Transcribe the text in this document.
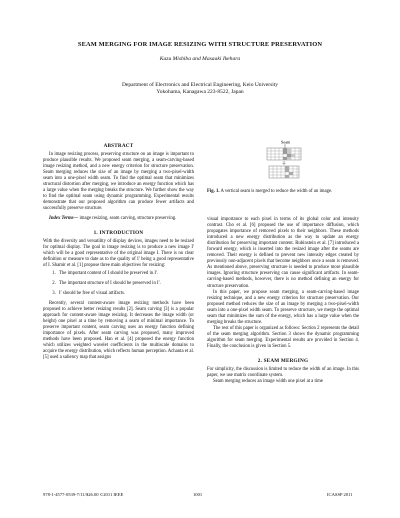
SEAM MERGING FOR IMAGE RESIZING WITH STRUCTURE PRESERVATION
Kazu Mishiba and Masaaki Ikehara
Department of Electronics and Electrical Engineering, Keio University
Yokohama, Kanagawa 223-8522, Japan
ABSTRACT

In image resizing process, preserving structure on an image is important to produce plausible results. We proposed seam merging, a seam-carving-based image resizing method, and a new energy criterion for structure preservation. Seam merging reduces the size of an image by merging a two-pixel-width seam into a one-pixel width seam. To find the optimal seam that minimizes structural distortion after merging, we introduce an energy function which has a large value when the merging breaks the structure. We further show the way to find the optimal seam using dynamic programming. Experimental results demonstrate that our proposed algorithm can produce fewer artifacts and successfully preserve structure.

Index Terms— image resizing, seam carving, structure preserving.

1. INTRODUCTION

With the diversity and versatility of display devices, images need to be resized for optimal display. The goal in image resizing is to produce a new image I′ which will be a good representative of the original image I. There is no clear definition or measure to date as to the quality of I′ being a good representative of I. Shamir et al. [1] propose three main objectives for resizing:

1. The important content of I should be preserved in I′.
2. The important structure of I should be preserved in I′.
3. I′ should be free of visual artifacts.

Recently, several content-aware image resizing methods have been proposed to achieve better resizing results [2]. Seam carving [3] is a popular approach for content-aware image resizing. It decreases the image width (or height) one pixel at a time by removing a seam of minimal importance. To preserve important content, seam carving uses an energy function defining importance of pixels. After seam carving was proposed, many improved methods have been proposed. Han et al. [4] proposed the energy function which utilizes weighted wavelet coefficients in the multiscale domains to acquire the energy distribution, which reflects human perception. Achanta et al. [5] used a saliency map that assigns

Seam
Fig. 1. A vertical seam is merged to reduce the width of an image.

visual importance to each pixel in terms of its global color and intensity contrast. Cho et al. [6] proposed the use of importance diffusion, which propagates importance of removed pixels to their neighbors. These methods introduced a new energy distribution as the way to update an energy distribution for preserving important content. Rubinstein et al. [7] introduced a forward energy, which is inserted into the resized image after the seams are removed. Their energy is defined to prevent new intensity edges created by previously non-adjacent pixels that become neighbors once a seam is removed. As mentioned above, preserving structure is needed to produce more plausible images. Ignoring structure preserving can cause significant artifacts. In seam-carving-based methods, however, there is no method defining an energy for structure preservation.

In this paper, we propose seam merging, a seam-carving-based image resizing technique, and a new energy criterion for structure preservation. Our proposed method reduces the size of an image by merging a two-pixel-width seam into a one-pixel width seam. To preserve structure, we merge the optimal seam that minimizes the sum of the energy, which has a large value when the merging breaks the structure.

The rest of this paper is organized as follows: Section 2 represents the detail of the seam merging algorithm. Section 3 shows the dynamic programming algorithm for seam merging. Experimental results are provided in Section 4. Finally, the conclusion is given in Section 5.

2. SEAM MERGING

For simplicity, the discussion is limited to reduce the width of an image. In this paper, we use matrix coordinate system.

Seam merging reduces an image width one pixel at a time

978-1-4577-0539-7/11/$26.00 ©2011 IEEE	1001	ICASSP 2011
